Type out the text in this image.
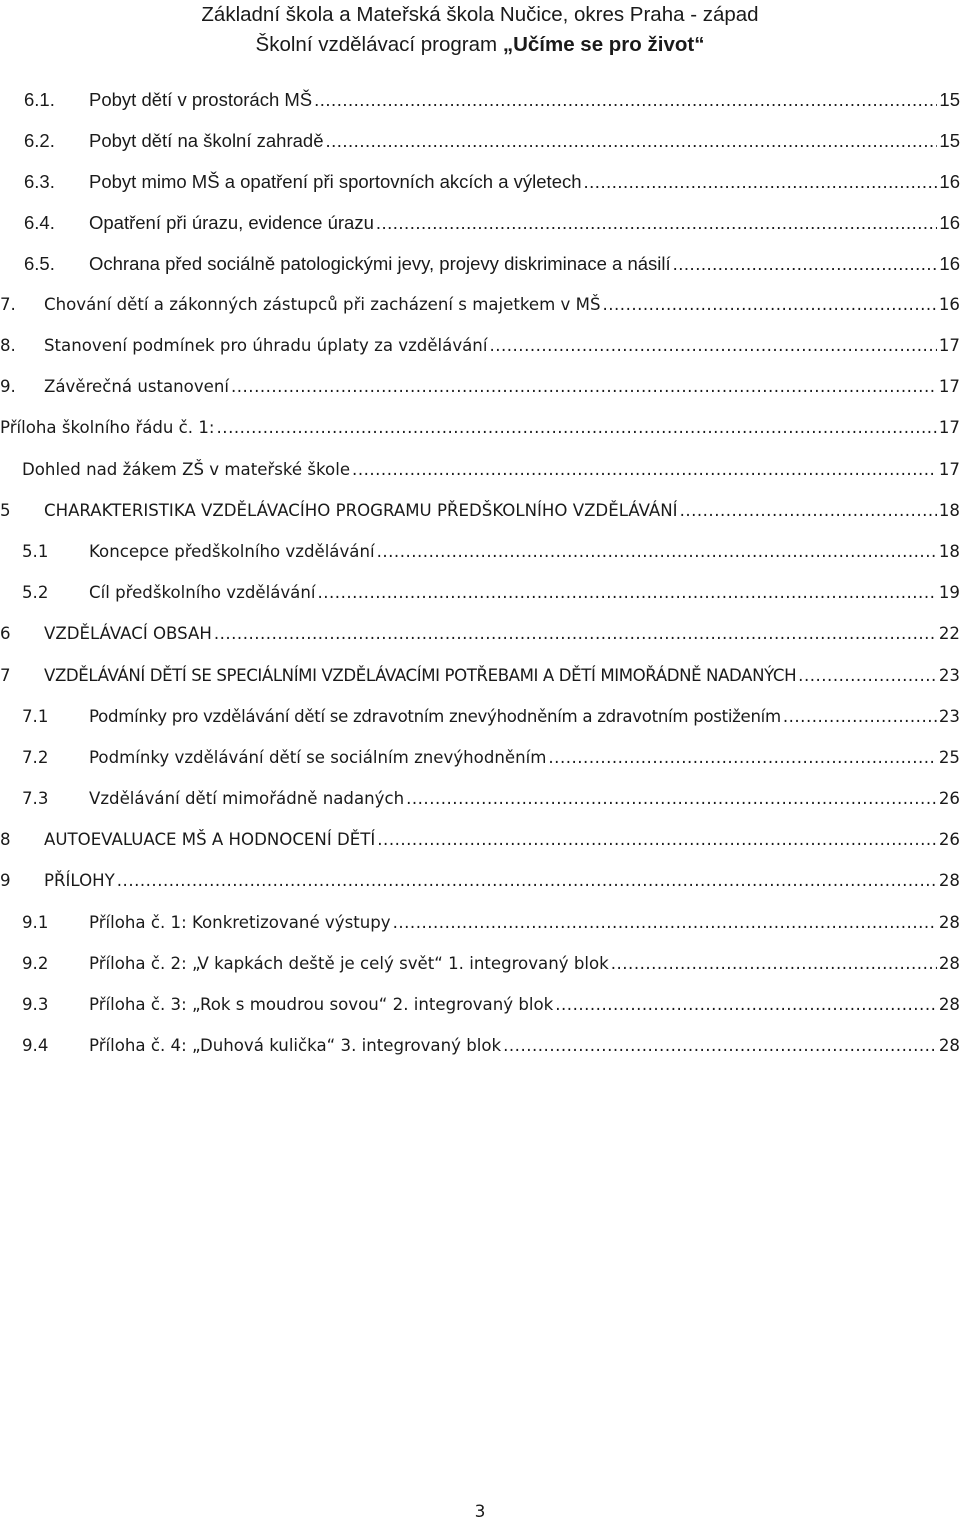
Základní škola a Mateřská škola Nučice, okres Praha - západ
Školní vzdělávací program „Učíme se pro život“
6.1.	Pobyt dětí v prostorách MŠ .....	15
6.2.	Pobyt dětí na školní zahradě .....	15
6.3.	Pobyt mimo MŠ a opatření při sportovních akcích a výletech .....	16
6.4.	Opatření při úrazu, evidence úrazu .....	16
6.5.	Ochrana před sociálně patologickými jevy, projevy diskriminace a násilí .....	16
7.	Chování dětí a zákonných zástupců při zacházení s majetkem v MŠ .....	16
8.	Stanovení podmínek pro úhradu úplaty za vzdělávání .....	17
9.	Závěrečná ustanovení .....	17
Příloha školního řádu č. 1: .....	17
Dohled nad žákem ZŠ v mateřské škole .....	17
5	CHARAKTERISTIKA VZDĚLÁVACÍHO PROGRAMU PŘEDŠKOLNÍHO VZDĚLÁVÁNÍ .....	18
5.1	Koncepce předškolního vzdělávání .....	18
5.2	Cíl předškolního vzdělávání .....	19
6	VZDĚLÁVACÍ OBSAH .....	22
7	VZDĚLÁVÁNÍ DĚTÍ SE SPECIÁLNÍMI VZDĚLÁVACÍMI POTŘEBAMI A DĚTÍ MIMOŘÁDNĚ NADANÝCH .....	23
7.1	Podmínky pro vzdělávání dětí se zdravotním znevýhodněním a zdravotním postižením .....	23
7.2	Podmínky vzdělávání dětí se sociálním znevýhodněním .....	25
7.3	Vzdělávání dětí mimořádně nadaných .....	26
8	AUTOEVALUACE MŠ A HODNOCENÍ DĚTÍ .....	26
9	PŘÍLOHY .....	28
9.1	Příloha č. 1: Konkretizované výstupy .....	28
9.2	Příloha č. 2: „V kapkách deště je celý svět“ 1. integrovaný blok .....	28
9.3	Příloha č. 3: „Rok s moudrou sovou“ 2. integrovaný blok .....	28
9.4	Příloha č. 4: „Duhová kulička“ 3. integrovaný blok .....	28
3
